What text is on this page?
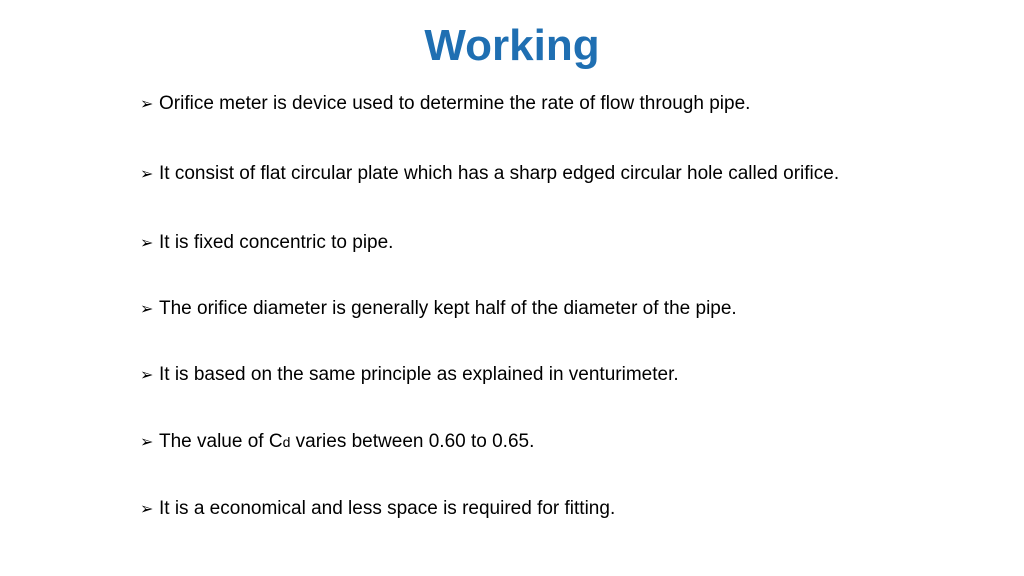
Working
➢ Orifice meter is device used to determine the rate of flow through pipe.
➢ It consist of flat circular plate which has a sharp edged circular hole called orifice.
➢ It is fixed concentric to pipe.
➢ The orifice diameter is generally kept half of the diameter of the pipe.
➢ It is based on the same principle as explained in venturimeter.
➢ The value of Cd varies between 0.60 to 0.65.
➢ It is a economical and less space is required for fitting.
